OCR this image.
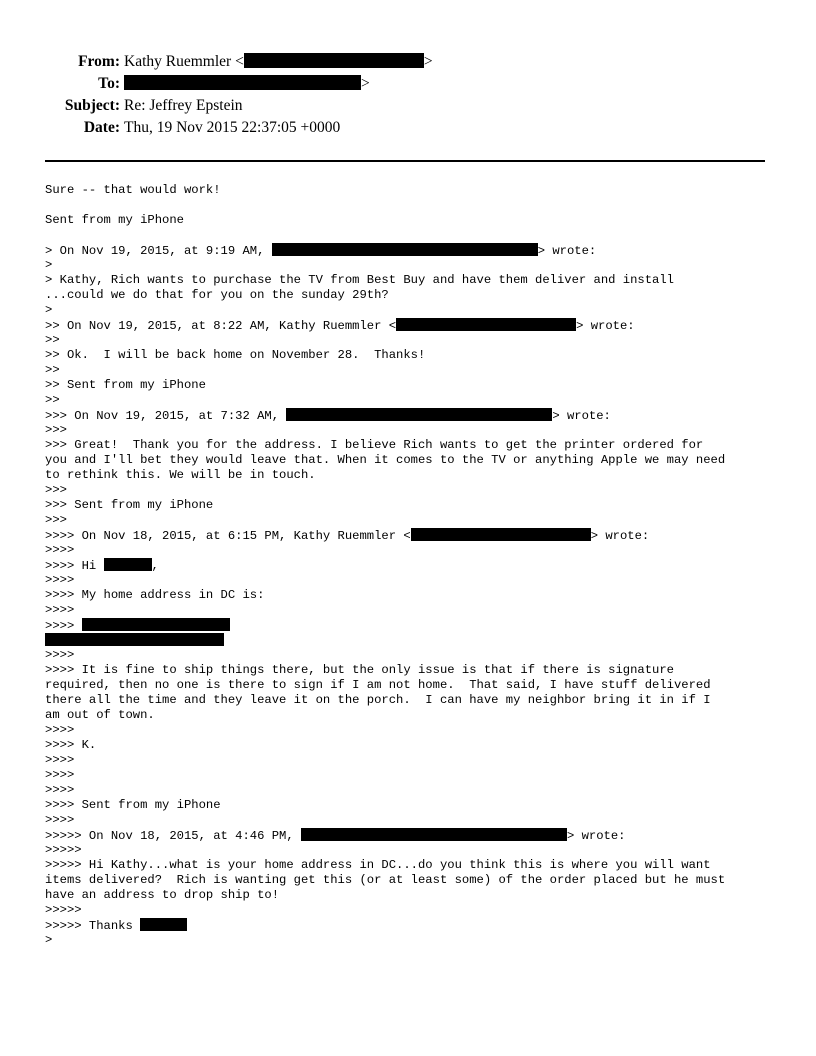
From: Kathy Ruemmler <	>
To:	>
Subject: Re: Jeffrey Epstein
Date: Thu, 19 Nov 2015 22:37:05 +0000
Sure -- that would work!
Sent from my iPhone
> On Nov 19, 2015, at 9:19 AM,	> wrote:
>
> Kathy, Rich wants to purchase the TV from Best Buy and have them deliver and install
...could we do that for you on the sunday 29th?
>
>> On Nov 19, 2015, at 8:22 AM, Kathy Ruemmler <	> wrote:
>>
>> Ok.  I will be back home on November 28.  Thanks!
>>
>> Sent from my iPhone
>>
>>> On Nov 19, 2015, at 7:32 AM,	> wrote:
>>>
>>> Great!  Thank you for the address. I believe Rich wants to get the printer ordered for
you and I'll bet they would leave that. When it comes to the TV or anything Apple we may need
to rethink this. We will be in touch.
>>>
>>> Sent from my iPhone
>>>
>>>> On Nov 18, 2015, at 6:15 PM, Kathy Ruemmler <	> wrote:
>>>>
>>>> Hi	,
>>>>
>>>> My home address in DC is:
>>>>
>>>>
>>>>
>>>> It is fine to ship things there, but the only issue is that if there is signature
required, then no one is there to sign if I am not home.  That said, I have stuff delivered
there all the time and they leave it on the porch.  I can have my neighbor bring it in if I
am out of town.
>>>>
>>>> K.
>>>>
>>>>
>>>>
>>>> Sent from my iPhone
>>>>
>>>>> On Nov 18, 2015, at 4:46 PM,	> wrote:
>>>>>
>>>>> Hi Kathy...what is your home address in DC...do you think this is where you will want
items delivered?  Rich is wanting get this (or at least some) of the order placed but he must
have an address to drop ship to!
>>>>>
>>>>> Thanks
>
